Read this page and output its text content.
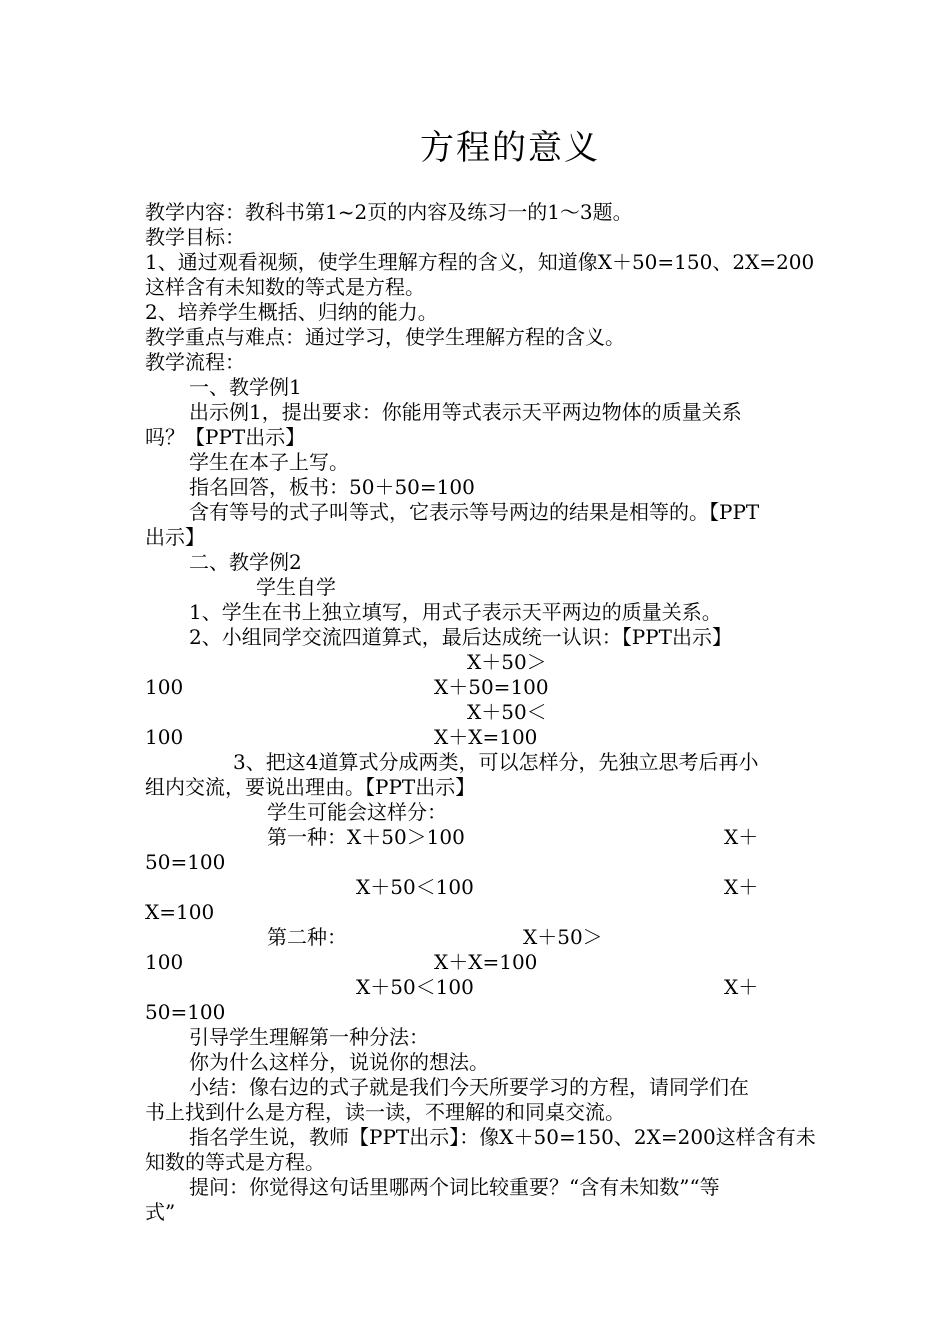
方程的意义
教学内容：教科书第1~2页的内容及练习一的1～3题。
教学目标：
1、通过观看视频，使学生理解方程的含义，知道像X＋50=150、2X=200
这样含有未知数的等式是方程。
2、培养学生概括、归纳的能力。
教学重点与难点：通过学习，使学生理解方程的含义。
教学流程：
一、教学例1
出示例1，提出要求：你能用等式表示天平两边物体的质量关系
吗？【PPT出示】
学生在本子上写。
指名回答，板书：50＋50=100
含有等号的式子叫等式，它表示等号两边的结果是相等的。【PPT
出示】
二、教学例2
学生自学
1、学生在书上独立填写，用式子表示天平两边的质量关系。
2、小组同学交流四道算式，最后达成统一认识：【PPT出示】
X＋50＞
100	X＋50=100
X＋50＜
100	X＋X=100
3、把这4道算式分成两类，可以怎样分，先独立思考后再小
组内交流，要说出理由。【PPT出示】
学生可能会这样分：
第一种：X＋50＞100	X＋
50=100
X＋50＜100	X＋
X=100
第二种：	X＋50＞
100	X＋X=100
X＋50＜100	X＋
50=100
引导学生理解第一种分法：
你为什么这样分，说说你的想法。
小结：像右边的式子就是我们今天所要学习的方程，请同学们在
书上找到什么是方程，读一读，不理解的和同桌交流。
指名学生说，教师【PPT出示】：像X＋50=150、2X=200这样含有未
知数的等式是方程。
提问：你觉得这句话里哪两个词比较重要？“含有未知数”“等
式”
